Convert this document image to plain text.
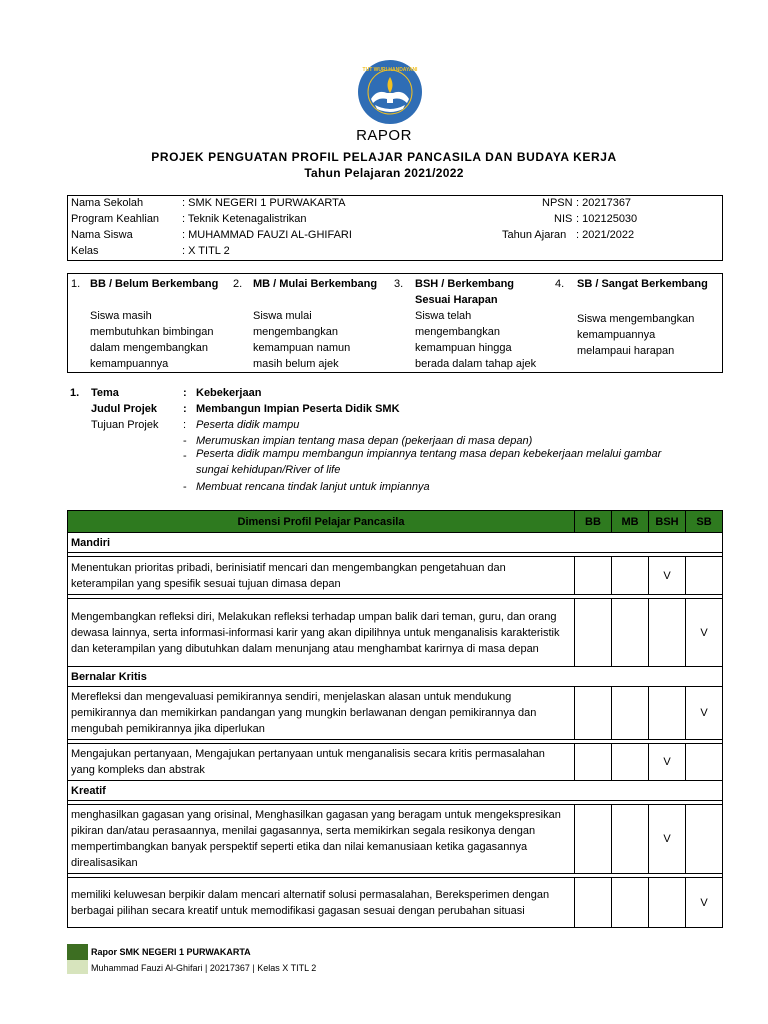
TUT WURI HANDAYANI
RAPOR
PROJEK PENGUATAN PROFIL PELAJAR PANCASILA DAN BUDAYA KERJA
Tahun Pelajaran 2021/2022
Nama Sekolah	: SMK NEGERI 1 PURWAKARTA	NPSN : 20217367
Program Keahlian : Teknik Ketenagalistrikan	NIS : 102125030
Nama Siswa	: MUHAMMAD FAUZI AL-GHIFARI	Tahun Ajaran : 2021/2022
Kelas	: X TITL 2
1. BB / Belum Berkembang
Siswa masih
membutuhkan bimbingan
dalam mengembangkan
kemampuannya
2. MB / Mulai Berkembang
Siswa mulai
mengembangkan
kemampuan namun
masih belum ajek
3. BSH / Berkembang
Sesuai Harapan
Siswa telah
mengembangkan
kemampuan hingga
berada dalam tahap ajek
4. SB / Sangat Berkembang
Siswa mengembangkan
kemampuannya
melampaui harapan
1. Tema	: Kebekerjaan
Judul Projek : Membangun Impian Peserta Didik SMK
Tujuan Projek : Peserta didik mampu
- Merumuskan impian tentang masa depan (pekerjaan di masa depan)
- Peserta didik mampu membangun impiannya tentang masa depan kebekerjaan melalui gambar
sungai kehidupan/River of life
- Membuat rencana tindak lanjut untuk impiannya
Dimensi Profil Pelajar Pancasila	BB	MB	BSH	SB
Mandiri				

Menentukan prioritas pribadi, berinisiatif mencari dan mengembangkan pengetahuan dan keterampilan yang spesifik sesuai tujuan dimasa depan			V	

Mengembangkan refleksi diri, Melakukan refleksi terhadap umpan balik dari teman, guru, dan orang dewasa lainnya, serta informasi-informasi karir yang akan dipilihnya untuk menganalisis karakteristik dan keterampilan yang dibutuhkan dalam menunjang atau menghambat karirnya di masa depan				V
Bernalar Kritis				
Merefleksi dan mengevaluasi pemikirannya sendiri, menjelaskan alasan untuk mendukung pemikirannya dan memikirkan pandangan yang mungkin berlawanan dengan pemikirannya dan mengubah pemikirannya jika diperlukan				V

Mengajukan pertanyaan, Mengajukan pertanyaan untuk menganalisis secara kritis permasalahan yang kompleks dan abstrak			V	
Kreatif				

menghasilkan gagasan yang orisinal, Menghasilkan gagasan yang beragam untuk mengekspresikan pikiran dan/atau perasaannya, menilai gagasannya, serta memikirkan segala resikonya dengan mempertimbangkan banyak perspektif seperti etika dan nilai kemanusiaan ketika gagasannya direalisasikan			V	

memiliki keluwesan berpikir dalam mencari alternatif solusi permasalahan, Bereksperimen dengan berbagai pilihan secara kreatif untuk memodifikasi gagasan sesuai dengan perubahan situasi				V
Rapor SMK NEGERI 1 PURWAKARTA
Muhammad Fauzi Al-Ghifari | 20217367 | Kelas X TITL 2
